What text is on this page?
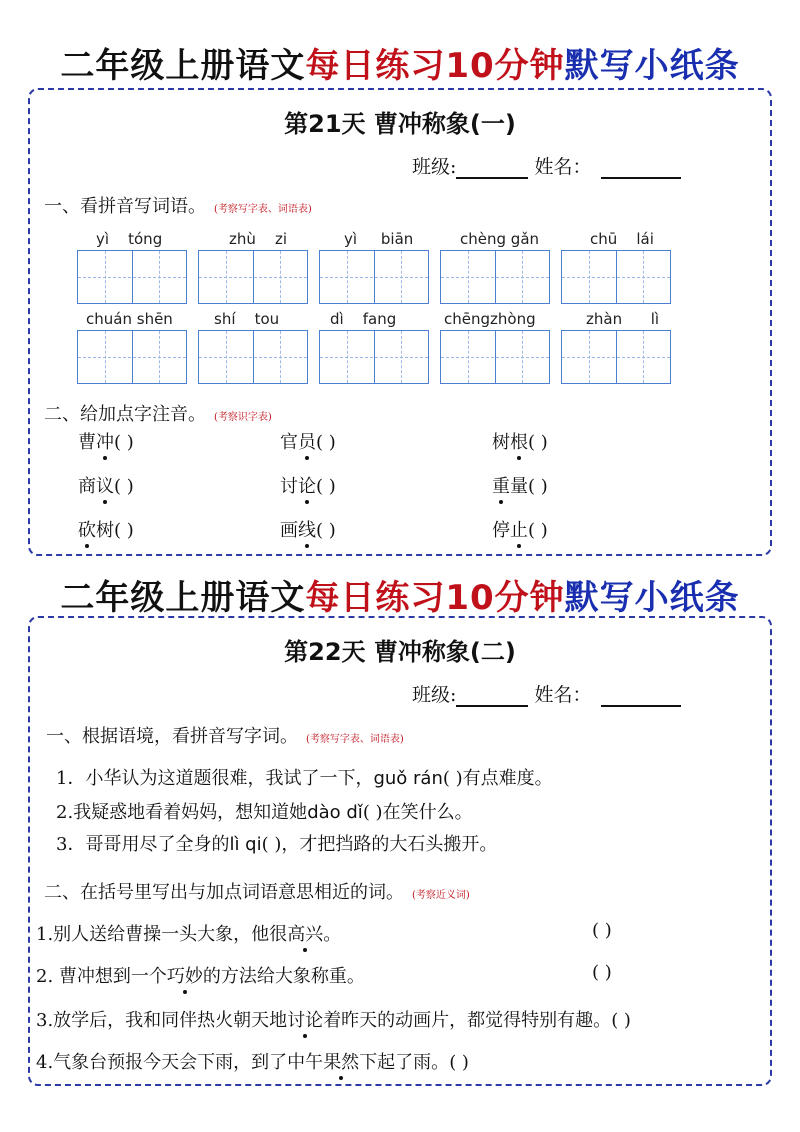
二年级上册语文每日练习10分钟默写小纸条
第21天 曹冲称象(一)
班级:	姓名：
一、看拼音写词语。 (考察写字表、词语表)
yì tóng	zhù zi	yì biān	chèng gǎn	chū lái
chuán shēn	shí tou	dì fang	chēngzhòng	zhàn lì
二、给加点字注音。 (考察识字表)
曹冲( )	官员( )	树根( )
商议( )	讨论( )	重量( )
砍树( )	画线( )	停止( )
二年级上册语文每日练习10分钟默写小纸条
第22天 曹冲称象(二)
班级:	姓名：
一、根据语境，看拼音写字词。 (考察写字表、词语表)
1．小华认为这道题很难，我试了一下，guǒ rán( )有点难度。
2.我疑惑地看着妈妈，想知道她dào dǐ( )在笑什么。
3．哥哥用尽了全身的lì qi( )，才把挡路的大石头搬开。
二、在括号里写出与加点词语意思相近的词。 (考察近义词)
1.别人送给曹操一头大象，他很高兴。	( )
2. 曹冲想到一个巧妙的方法给大象称重。	( )
3.放学后，我和同伴热火朝天地讨论着昨天的动画片，都觉得特别有趣。( )
4.气象台预报今天会下雨，到了中午果然下起了雨。( )
